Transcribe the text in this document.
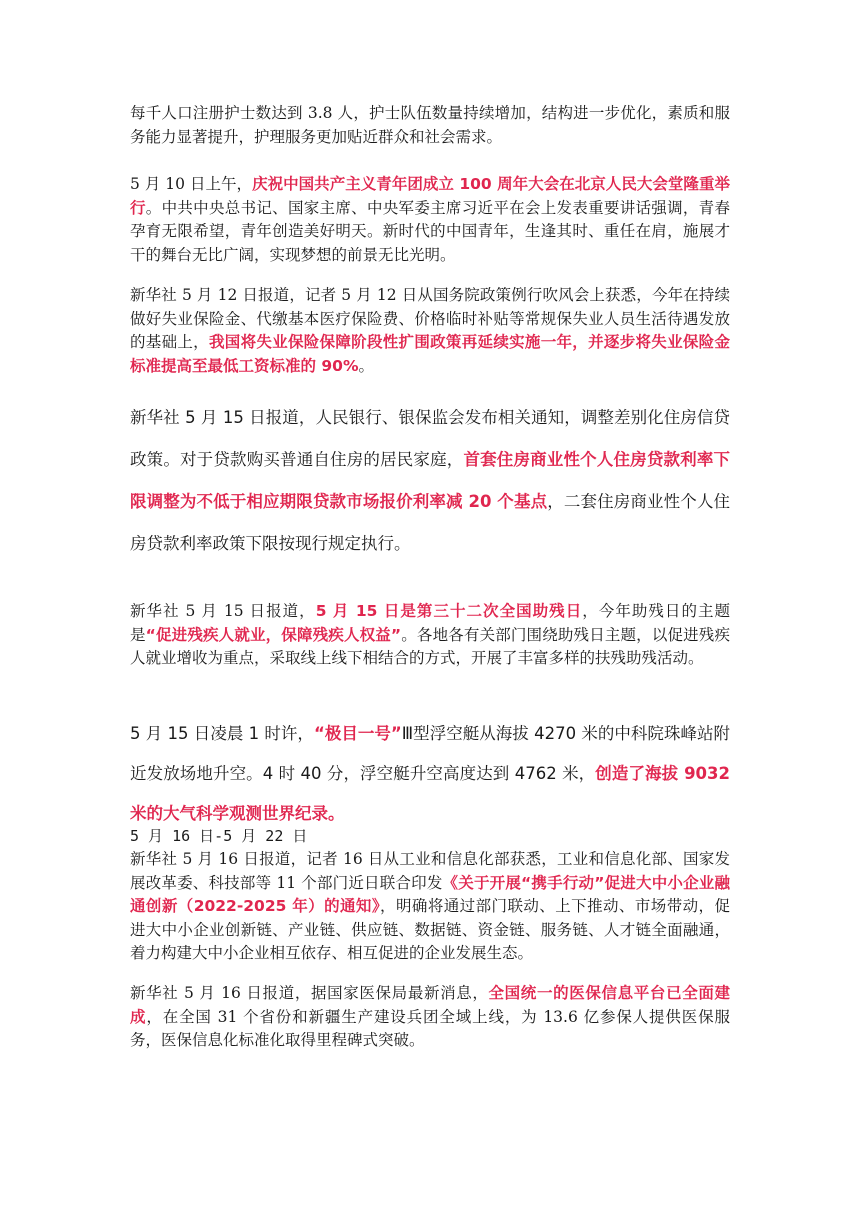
每千人口注册护士数达到 3.8 人，护士队伍数量持续增加，结构进一步优化，素质和服务能力显著提升，护理服务更加贴近群众和社会需求。

5 月 10 日上午，庆祝中国共产主义青年团成立 100 周年大会在北京人民大会堂隆重举行。中共中央总书记、国家主席、中央军委主席习近平在会上发表重要讲话强调，青春孕育无限希望，青年创造美好明天。新时代的中国青年，生逢其时、重任在肩，施展才干的舞台无比广阔，实现梦想的前景无比光明。

新华社 5 月 12 日报道，记者 5 月 12 日从国务院政策例行吹风会上获悉，今年在持续做好失业保险金、代缴基本医疗保险费、价格临时补贴等常规保失业人员生活待遇发放的基础上，我国将失业保险保障阶段性扩围政策再延续实施一年，并逐步将失业保险金标准提高至最低工资标准的 90%。

新华社 5 月 15 日报道，人民银行、银保监会发布相关通知，调整差别化住房信贷政策。对于贷款购买普通自住房的居民家庭，首套住房商业性个人住房贷款利率下限调整为不低于相应期限贷款市场报价利率减 20 个基点，二套住房商业性个人住房贷款利率政策下限按现行规定执行。

新华社 5 月 15 日报道，5 月 15 日是第三十二次全国助残日，今年助残日的主题是“促进残疾人就业，保障残疾人权益”。各地各有关部门围绕助残日主题，以促进残疾人就业增收为重点，采取线上线下相结合的方式，开展了丰富多样的扶残助残活动。

5 月 15 日凌晨 1 时许，“极目一号”Ⅲ型浮空艇从海拔 4270 米的中科院珠峰站附近发放场地升空。4 时 40 分，浮空艇升空高度达到 4762 米，创造了海拔 9032 米的大气科学观测世界纪录。

5 月 16 日-5 月 22 日

新华社 5 月 16 日报道，记者 16 日从工业和信息化部获悉，工业和信息化部、国家发展改革委、科技部等 11 个部门近日联合印发《关于开展“携手行动”促进大中小企业融通创新（2022-2025 年）的通知》，明确将通过部门联动、上下推动、市场带动，促进大中小企业创新链、产业链、供应链、数据链、资金链、服务链、人才链全面融通，着力构建大中小企业相互依存、相互促进的企业发展生态。

新华社 5 月 16 日报道，据国家医保局最新消息，全国统一的医保信息平台已全面建成，在全国 31 个省份和新疆生产建设兵团全域上线，为 13.6 亿参保人提供医保服务，医保信息化标准化取得里程碑式突破。
